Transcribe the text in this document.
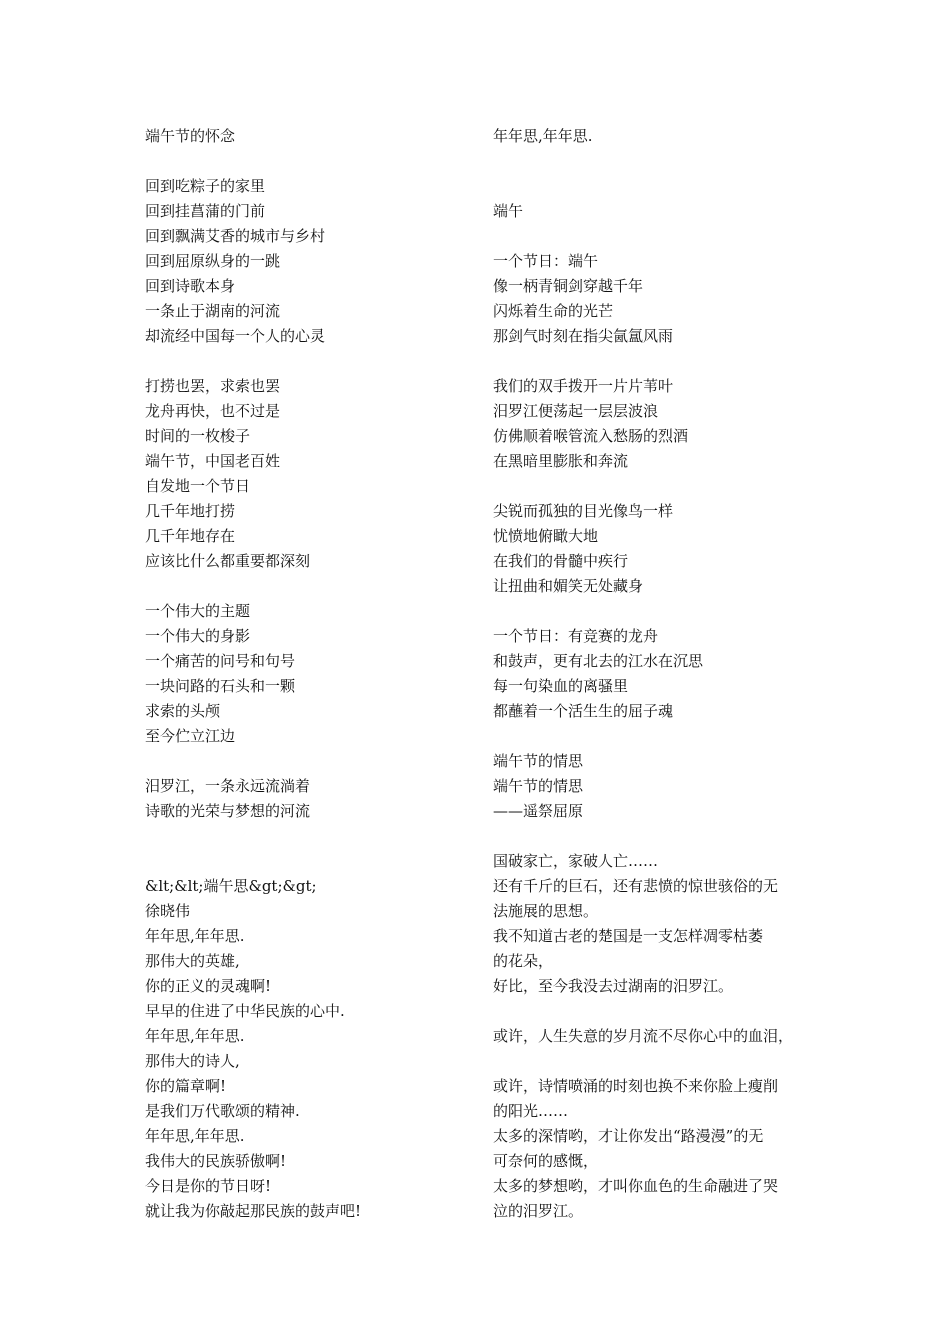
端午节的怀念
回到吃粽子的家里
回到挂菖蒲的门前
回到飘满艾香的城市与乡村
回到屈原纵身的一跳
回到诗歌本身
一条止于湖南的河流
却流经中国每一个人的心灵
打捞也罢，求索也罢
龙舟再快，也不过是
时间的一枚梭子
端午节，中国老百姓
自发地一个节日
几千年地打捞
几千年地存在
应该比什么都重要都深刻
一个伟大的主题
一个伟大的身影
一个痛苦的问号和句号
一块问路的石头和一颗
求索的头颅
至今伫立江边
汨罗江，一条永远流淌着
诗歌的光荣与梦想的河流
&lt;&lt;端午思&gt;&gt;
徐晓伟
年年思,年年思.
那伟大的英雄,
你的正义的灵魂啊!
早早的住进了中华民族的心中.
年年思,年年思.
那伟大的诗人,
你的篇章啊!
是我们万代歌颂的精神.
年年思,年年思.
我伟大的民族骄傲啊!
今日是你的节日呀!
就让我为你敲起那民族的鼓声吧!
年年思,年年思.
端午
一个节日：端午
像一柄青铜剑穿越千年
闪烁着生命的光芒
那剑气时刻在指尖氤氲风雨
我们的双手拨开一片片苇叶
汨罗江便荡起一层层波浪
仿佛顺着喉管流入愁肠的烈酒
在黑暗里膨胀和奔流
尖锐而孤独的目光像鸟一样
忧愤地俯瞰大地
在我们的骨髓中疾行
让扭曲和媚笑无处藏身
一个节日：有竞赛的龙舟
和鼓声，更有北去的江水在沉思
每一句染血的离骚里
都蘸着一个活生生的屈子魂
端午节的情思
端午节的情思
——遥祭屈原
国破家亡，家破人亡……
还有千斤的巨石，还有悲愤的惊世骇俗的无
法施展的思想。
我不知道古老的楚国是一支怎样凋零枯萎
的花朵，
好比，至今我没去过湖南的汨罗江。
或许，人生失意的岁月流不尽你心中的血泪，
或许，诗情喷涌的时刻也换不来你脸上瘦削
的阳光……
太多的深情哟，才让你发出“路漫漫”的无
可奈何的感慨，
太多的梦想哟，才叫你血色的生命融进了哭
泣的汨罗江。
